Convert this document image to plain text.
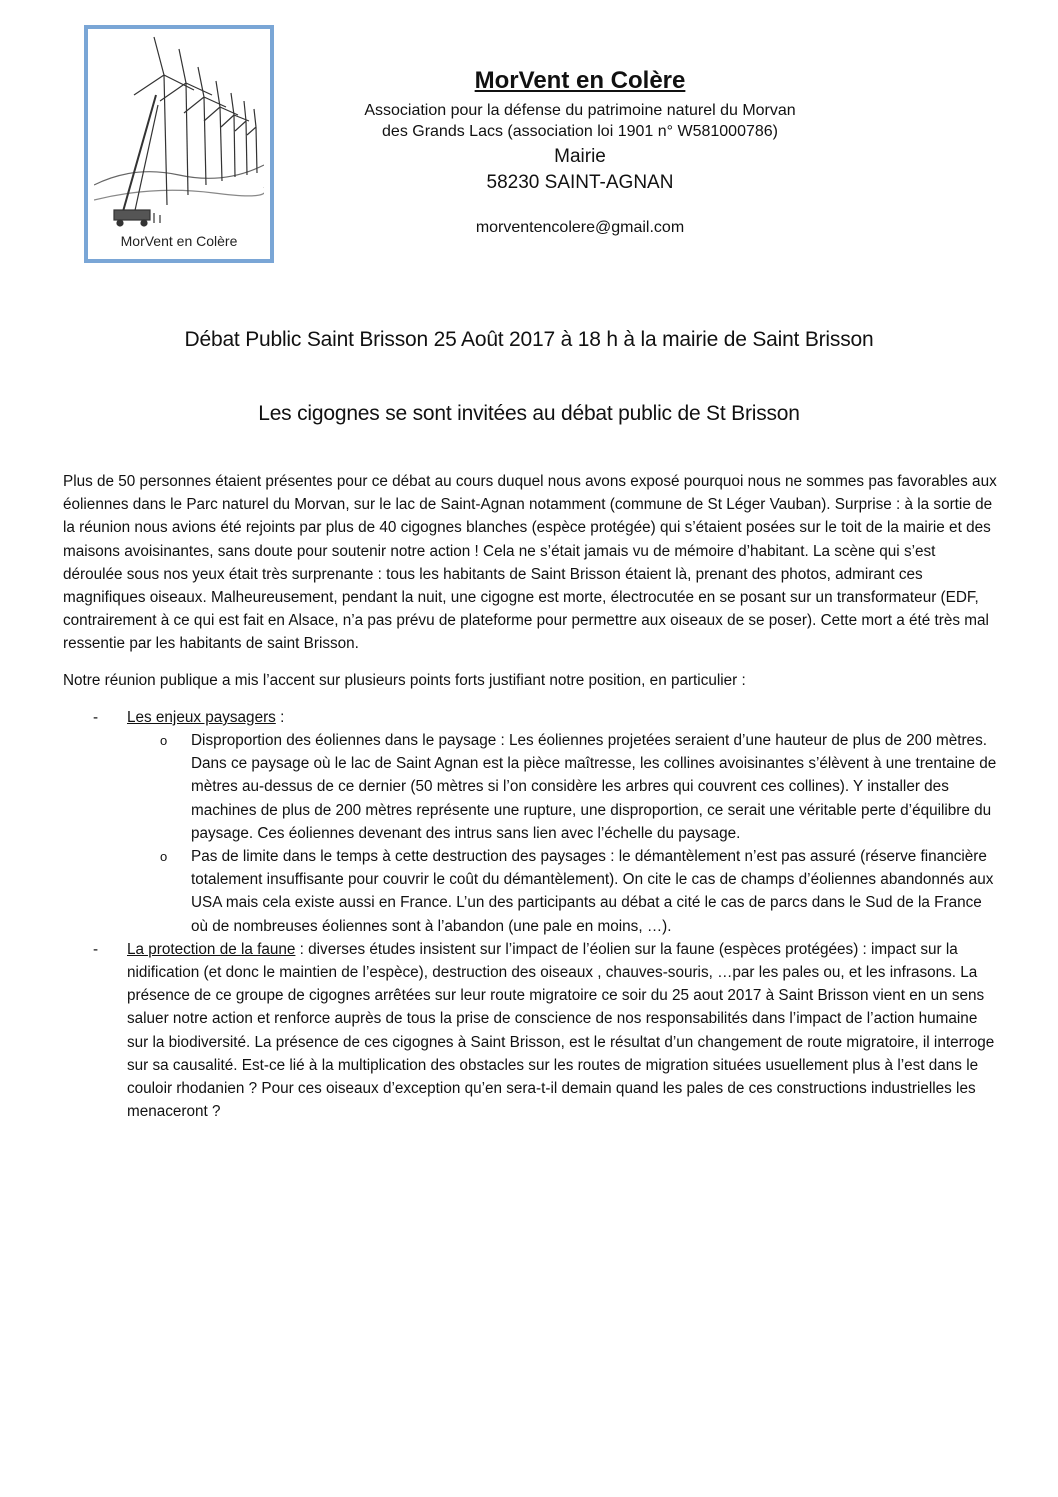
MorVent en Colère

MorVent en Colère

Association pour la défense du patrimoine naturel du Morvan

des Grands Lacs (association loi 1901 n° W581000786)

Mairie

58230 SAINT-AGNAN

morventencolere@gmail.com
Débat Public Saint Brisson 25 Août 2017 à 18 h à la mairie de Saint Brisson
Les cigognes se sont invitées au débat public de St Brisson

Plus de 50 personnes étaient présentes pour ce débat au cours duquel nous avons exposé pourquoi nous ne sommes pas favorables aux éoliennes dans le Parc naturel du Morvan, sur le lac de Saint-Agnan notamment (commune de St Léger Vauban). Surprise : à la sortie de la réunion nous avions été rejoints par plus de 40 cigognes blanches (espèce protégée) qui s’étaient posées sur le toit de la mairie et des maisons avoisinantes, sans doute pour soutenir notre action ! Cela ne s’était jamais vu de mémoire d’habitant. La scène qui s’est déroulée sous nos yeux était très surprenante : tous les habitants de Saint Brisson étaient là, prenant des photos, admirant ces magnifiques oiseaux. Malheureusement, pendant la nuit, une cigogne est morte, électrocutée en se posant sur un transformateur (EDF, contrairement à ce qui est fait en Alsace, n’a pas prévu de plateforme pour permettre aux oiseaux de se poser). Cette mort a été très mal ressentie par les habitants de saint Brisson.

Notre réunion publique a mis l’accent sur plusieurs points forts justifiant notre position, en particulier :

- Les enjeux paysagers :
o Disproportion des éoliennes dans le paysage : Les éoliennes projetées seraient d’une hauteur de plus de 200 mètres. Dans ce paysage où le lac de Saint Agnan est la pièce maîtresse, les collines avoisinantes s’élèvent à une trentaine de mètres au-dessus de ce dernier (50 mètres si l’on considère les arbres qui couvrent ces collines). Y installer des machines de plus de 200 mètres représente une rupture, une disproportion, ce serait une véritable perte d’équilibre du paysage. Ces éoliennes devenant des intrus sans lien avec l’échelle du paysage.
o Pas de limite dans le temps à cette destruction des paysages : le démantèlement n’est pas assuré (réserve financière totalement insuffisante pour couvrir le coût du démantèlement). On cite le cas de champs d’éoliennes abandonnés aux USA mais cela existe aussi en France. L’un des participants au débat a cité le cas de parcs dans le Sud de la France où de nombreuses éoliennes sont à l’abandon (une pale en moins, …).
- La protection de la faune : diverses études insistent sur l’impact de l’éolien sur la faune (espèces protégées) : impact sur la nidification (et donc le maintien de l’espèce), destruction des oiseaux , chauves-souris, …par les pales ou, et les infrasons. La présence de ce groupe de cigognes arrêtées sur leur route migratoire ce soir du 25 aout 2017 à Saint Brisson vient en un sens saluer notre action et renforce auprès de tous la prise de conscience de nos responsabilités dans l’impact de l’action humaine sur la biodiversité. La présence de ces cigognes à Saint Brisson, est le résultat d’un changement de route migratoire, il interroge sur sa causalité. Est-ce lié à la multiplication des obstacles sur les routes de migration situées usuellement plus à l’est dans le couloir rhodanien ? Pour ces oiseaux d’exception qu’en sera-t-il demain quand les pales de ces constructions industrielles les menaceront ?
